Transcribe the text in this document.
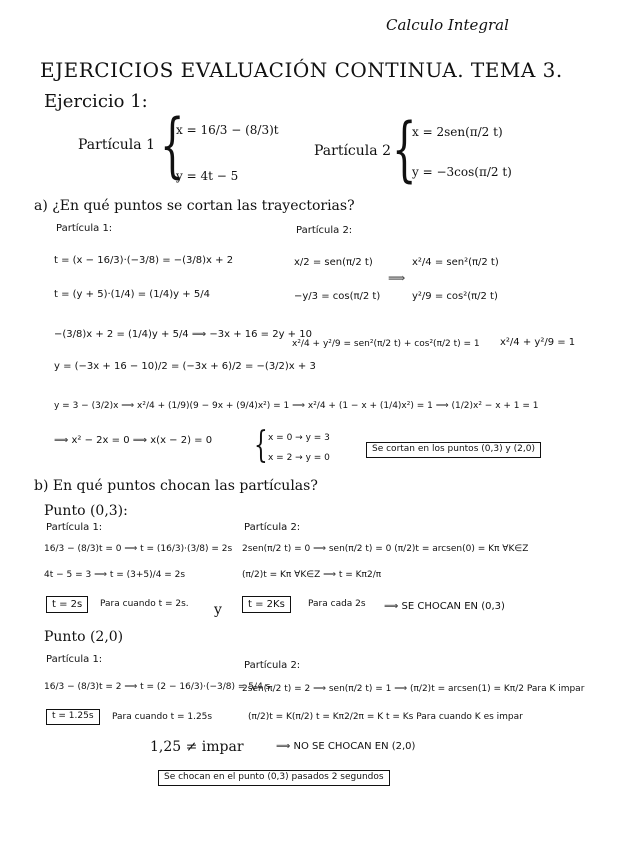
Calculo Integral
EJERCICIOS EVALUACIÓN CONTINUA. TEMA 3.
Ejercicio 1:
Partícula 1 {
x = 16/3 − (8/3)t
y = 4t − 5
Partícula 2 {
x = 2sen(π/2 t)
y = −3cos(π/2 t)
a) ¿En qué puntos se cortan las trayectorias?
Partícula 1:	Partícula 2:
t = (x − 16/3)·(−3/8) = −(3/8)x + 2
t = (y + 5)·(1/4) = (1/4)y + 5/4
x/2 = sen(π/2 t)
−y/3 = cos(π/2 t)
⟹
x²/4 = sen²(π/2 t)
y²/9 = cos²(π/2 t)
−(3/8)x + 2 = (1/4)y + 5/4 ⟹ −3x + 16 = 2y + 10
x²/4 + y²/9 = sen²(π/2 t) + cos²(π/2 t) = 1 x²/4 + y²/9 = 1
y = (−3x + 16 − 10)/2 = (−3x + 6)/2 = −(3/2)x + 3
y = 3 − (3/2)x ⟹ x²/4 + (1/9)(9 − 9x + (9/4)x²) = 1 ⟹ x²/4 + (1 − x + (1/4)x²) = 1 ⟹ (1/2)x² − x + 1 = 1
⟹ x² − 2x = 0 ⟹ x(x − 2) = 0 { x = 0 → y = 3
x = 2 → y = 0
Se cortan en los puntos (0,3) y (2,0)
b) En qué puntos chocan las partículas?
Punto (0,3):
Partícula 1:	Partícula 2:
16/3 − (8/3)t = 0 ⟹ t = (16/3)·(3/8) = 2s
4t − 5 = 3 ⟹ t = (3+5)/4 = 2s
2sen(π/2 t) = 0 ⟹ sen(π/2 t) = 0 (π/2)t = arcsen(0) = Kπ ∀K∈Z
(π/2)t = Kπ ∀K∈Z ⟹ t = Kπ2/π
t = 2s	Para cuando t = 2s. y	t = 2Ks	Para cada 2s ⟹ SE CHOCAN EN (0,3)
Punto (2,0)
Partícula 1:
Partícula 2:
16/3 − (8/3)t = 2 ⟹ t = (2 − 16/3)·(−3/8) = 5/4 s
2sen(π/2 t) = 2 ⟹ sen(π/2 t) = 1 ⟹ (π/2)t = arcsen(1) = Kπ/2 Para K impar
t = 1.25s	Para cuando t = 1.25s	(π/2)t = K(π/2) t = Kπ2/2π = K t = Ks Para cuando K es impar
1,25 ≠ impar	⟹ NO SE CHOCAN EN (2,0)
Se chocan en el punto (0,3) pasados 2 segundos
